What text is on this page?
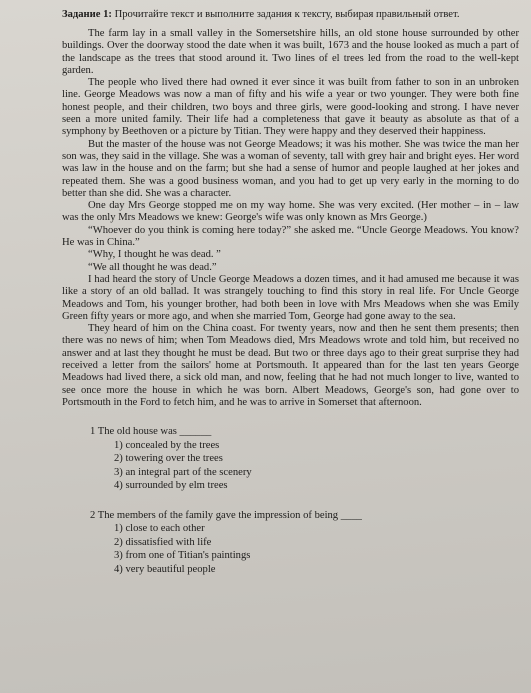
Задание 1: Прочитайте текст и выполните задания к тексту, выбирая правильный ответ.

The farm lay in a small valley in the Somersetshire hills, an old stone house surrounded by other buildings. Over the doorway stood the date when it was built, 1673 and the house looked as much a part of the landscape as the trees that stood around it. Two lines of el trees led from the road to the well-kept garden.

The people who lived there had owned it ever since it was built from father to son in an unbroken line. George Meadows was now a man of fifty and his wife a year or two younger. They were both fine honest people, and their children, two boys and three girls, were good-looking and strong. I have never seen a more united family. Their life had a completeness that gave it beauty as absolute as that of a symphony by Beethoven or a picture by Titian. They were happy and they deserved their happiness.

But the master of the house was not George Meadows; it was his mother. She was twice the man her son was, they said in the village. She was a woman of seventy, tall with grey hair and bright eyes. Her word was law in the house and on the farm; but she had a sense of humor and people laughed at her jokes and repeated them. She was a good business woman, and you had to get up very early in the morning to do better than she did. She was a character.

One day Mrs George stopped me on my way home. She was very excited. (Her mother – in – law was the only Mrs Meadows we knew: George's wife was only known as Mrs George.)

“Whoever do you think is coming here today?” she asked me. “Uncle George Meadows. You know? He was in China.”

“Why, I thought he was dead. ”

“We all thought he was dead.”

I had heard the story of Uncle George Meadows a dozen times, and it had amused me because it was like a story of an old ballad. It was strangely touching to find this story in real life. For Uncle George Meadows and Tom, his younger brother, had both been in love with Mrs Meadows when she was Emily Green fifty years or more ago, and when she married Tom, George had gone away to the sea.

They heard of him on the China coast. For twenty years, now and then he sent them presents; then there was no news of him; when Tom Meadows died, Mrs Meadows wrote and told him, but received no answer and at last they thought he must be dead. But two or three days ago to their great surprise they had received a letter from the sailors' home at Portsmouth. It appeared than for the last ten years George Meadows had lived there, a sick old man, and now, feeling that he had not much longer to live, wanted to see once more the house in which he was born. Albert Meadows, George's son, had gone over to Portsmouth in the Ford to fetch him, and he was to arrive in Somerset that afternoon.

1 The old house was ______
1) concealed by the trees
2) towering over the trees
3) an integral part of the scenery
4) surrounded by elm trees
2 The members of the family gave the impression of being ____
1) close to each other
2) dissatisfied with life
3) from one of Titian's paintings
4) very beautiful people
